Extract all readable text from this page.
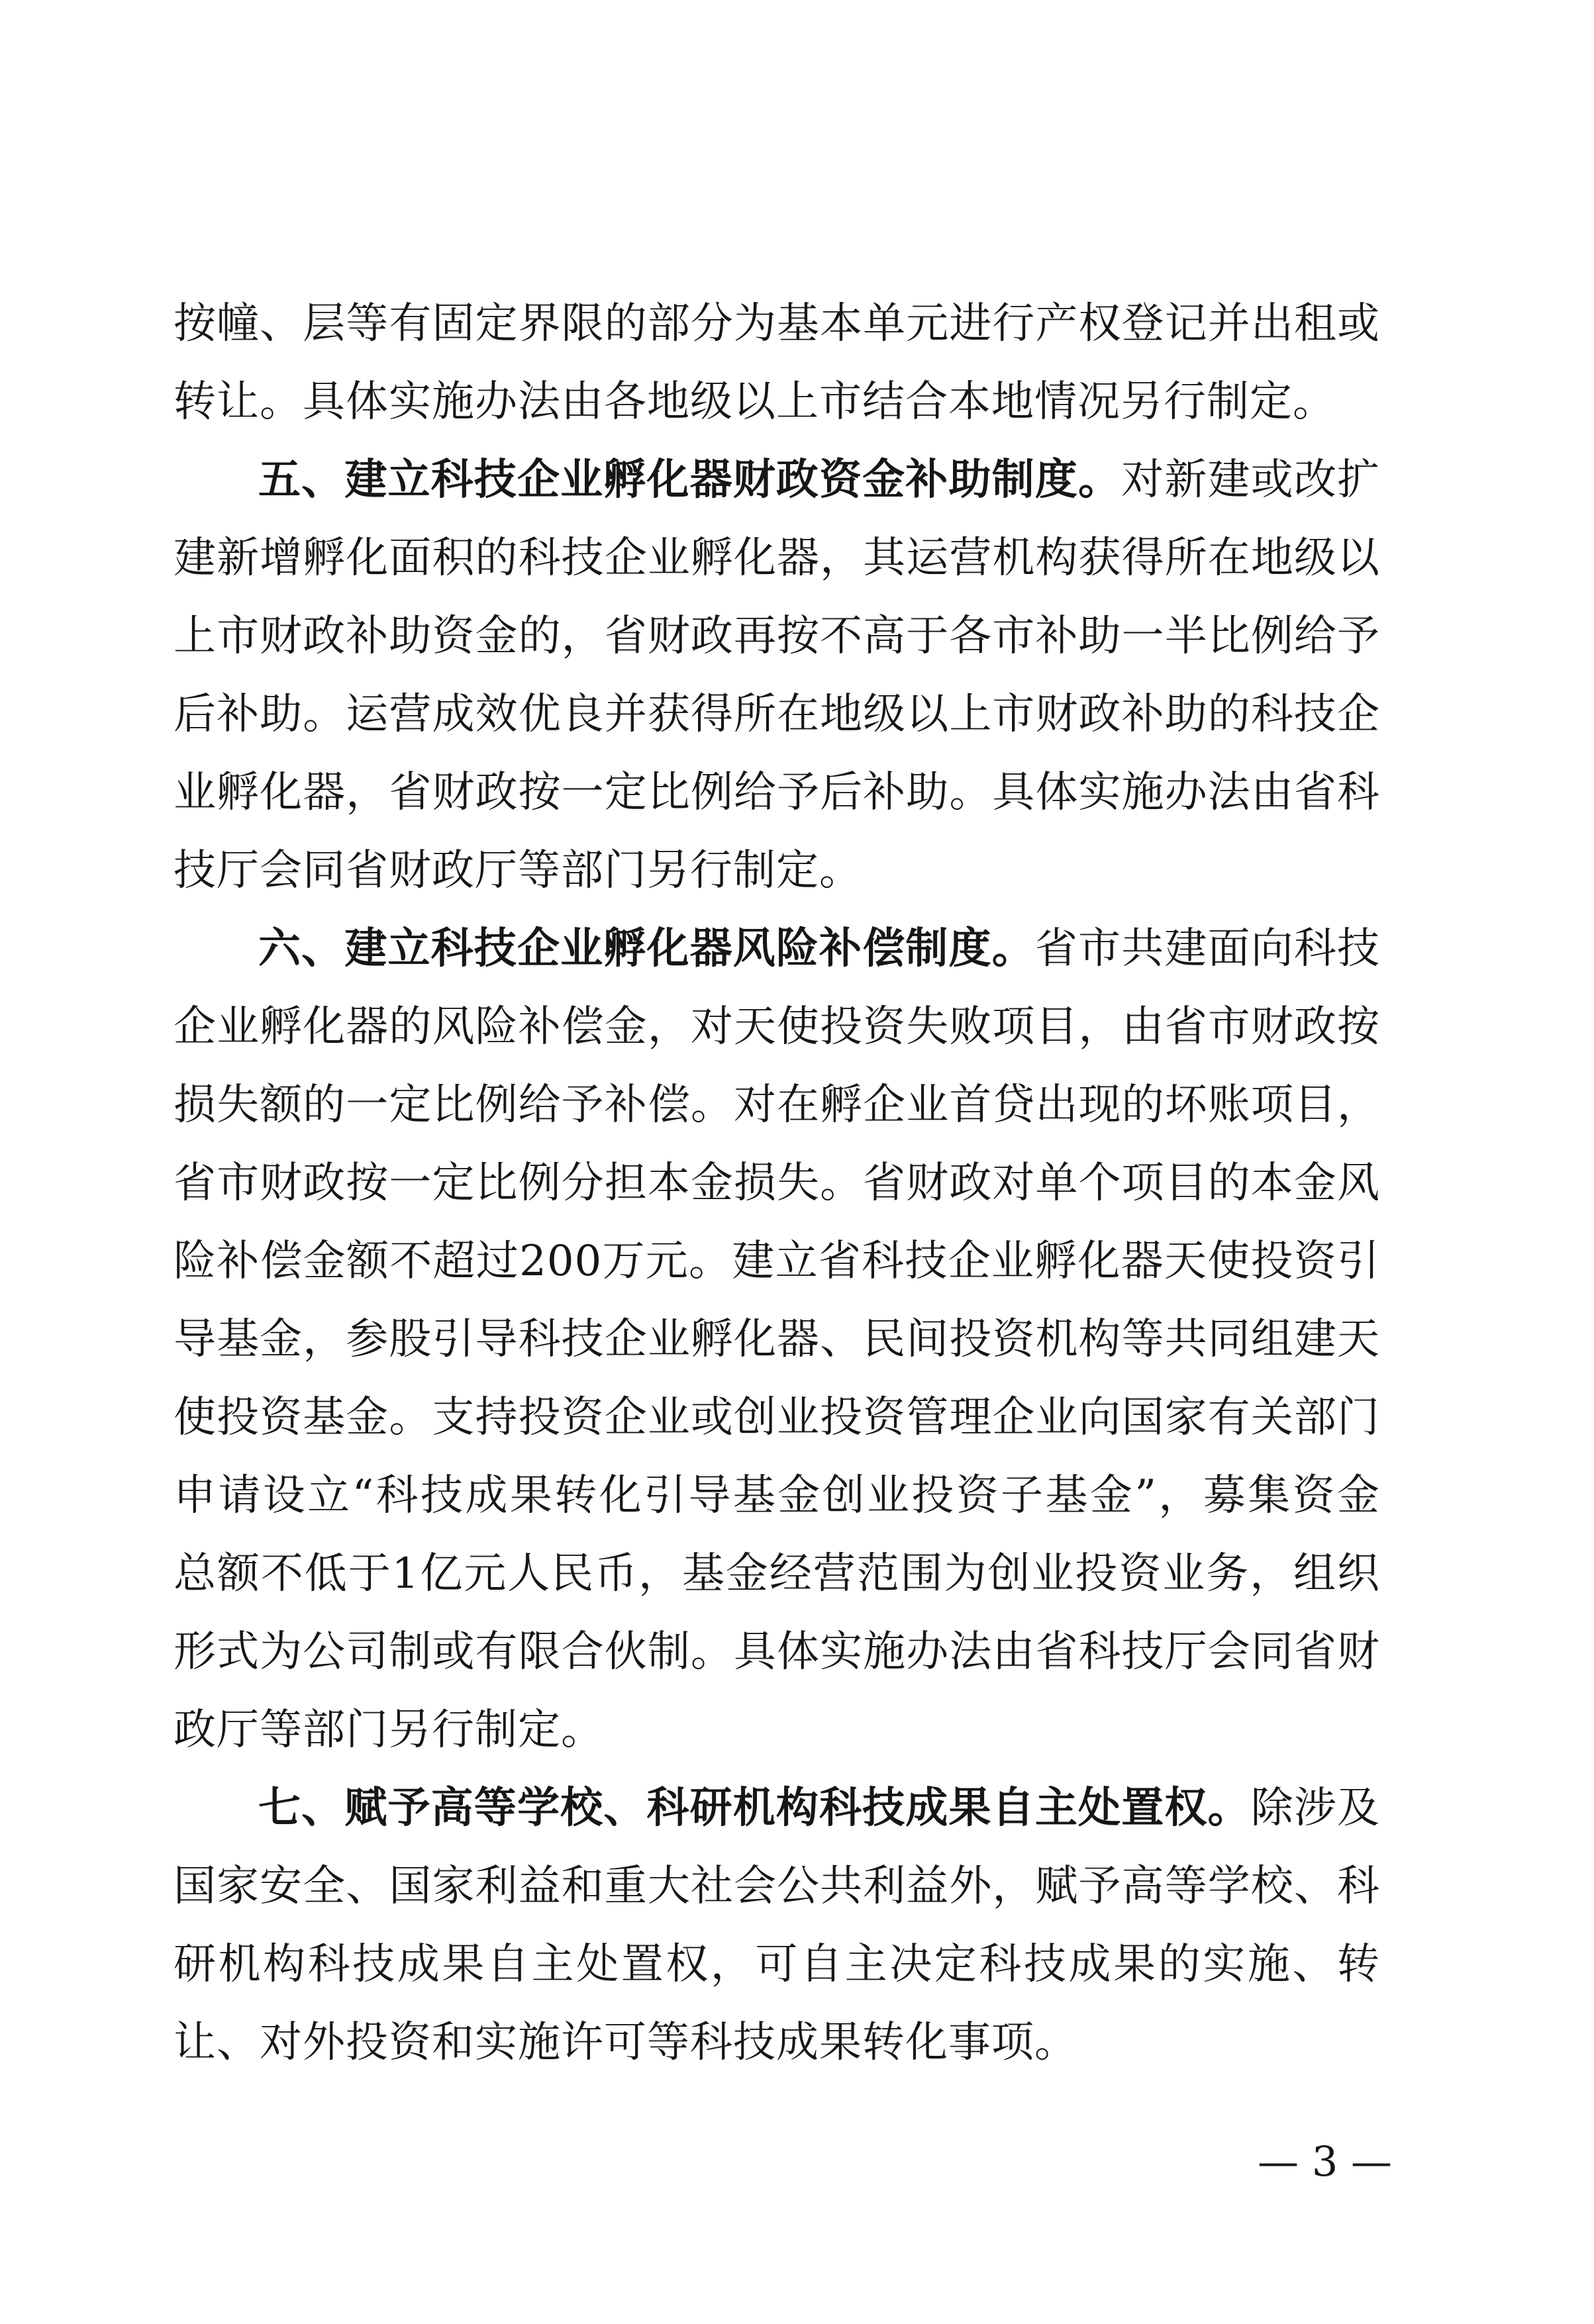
按幢、层等有固定界限的部分为基本单元进行产权登记并出租或
转让。具体实施办法由各地级以上市结合本地情况另行制定。
五、建立科技企业孵化器财政资金补助制度。对新建或改扩
建新增孵化面积的科技企业孵化器，其运营机构获得所在地级以
上市财政补助资金的，省财政再按不高于各市补助一半比例给予
后补助。运营成效优良并获得所在地级以上市财政补助的科技企
业孵化器，省财政按一定比例给予后补助。具体实施办法由省科
技厅会同省财政厅等部门另行制定。
六、建立科技企业孵化器风险补偿制度。省市共建面向科技
企业孵化器的风险补偿金，对天使投资失败项目，由省市财政按
损失额的一定比例给予补偿。对在孵企业首贷出现的坏账项目，
省市财政按一定比例分担本金损失。省财政对单个项目的本金风
险补偿金额不超过200万元。建立省科技企业孵化器天使投资引
导基金，参股引导科技企业孵化器、民间投资机构等共同组建天
使投资基金。支持投资企业或创业投资管理企业向国家有关部门
申请设立“科技成果转化引导基金创业投资子基金”，募集资金
总额不低于1亿元人民币，基金经营范围为创业投资业务，组织
形式为公司制或有限合伙制。具体实施办法由省科技厅会同省财
政厅等部门另行制定。
七、赋予高等学校、科研机构科技成果自主处置权。除涉及
国家安全、国家利益和重大社会公共利益外，赋予高等学校、科
研机构科技成果自主处置权，可自主决定科技成果的实施、转
让、对外投资和实施许可等科技成果转化事项。
— 3 —
